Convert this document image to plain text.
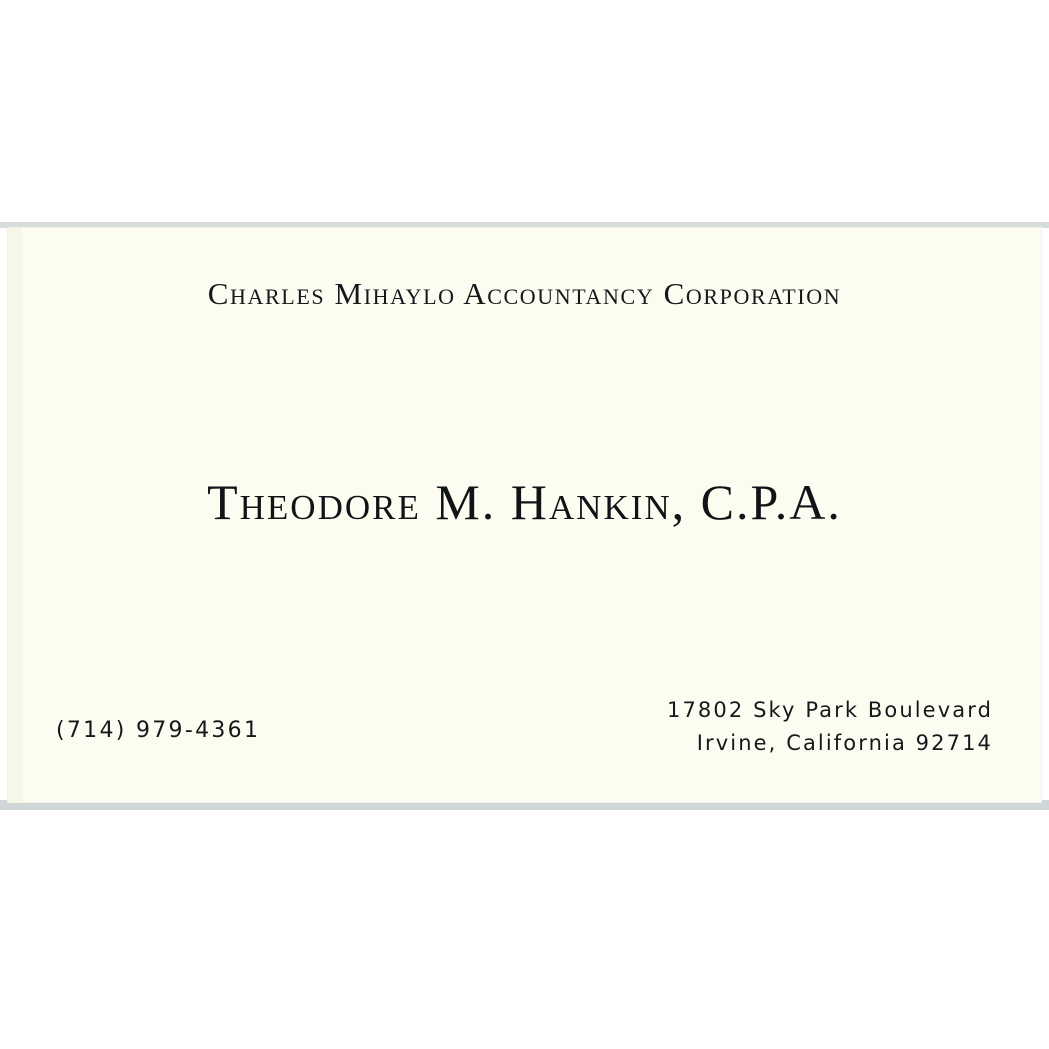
Charles Mihaylo Accountancy Corporation
Theodore M. Hankin, C.P.A.
(714) 979-4361
17802 Sky Park Boulevard
Irvine, California 92714
